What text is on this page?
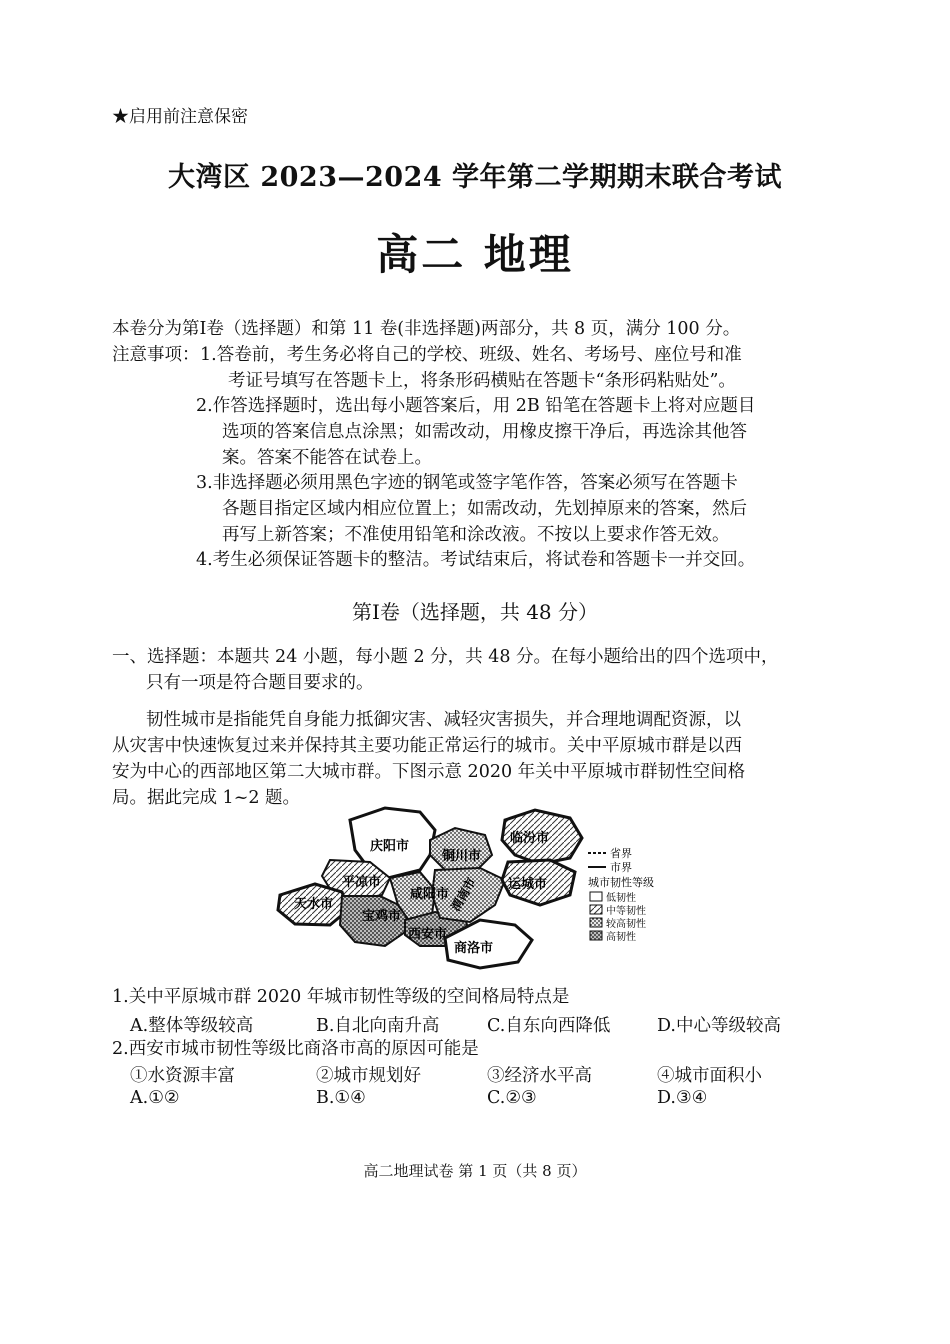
★启用前注意保密
大湾区 2023—2024 学年第二学期期末联合考试
高二 地理
本卷分为第Ⅰ卷（选择题）和第 11 卷(非选择题)两部分，共 8 页，满分 100 分。
注意事项： 1.答卷前，考生务必将自己的学校、班级、姓名、考场号、座位号和准
考证号填写在答题卡上，将条形码横贴在答题卡“条形码粘贴处”。
2.作答选择题时，选出每小题答案后，用 2B 铅笔在答题卡上将对应题目
选项的答案信息点涂黑；如需改动，用橡皮擦干净后，再选涂其他答
案。答案不能答在试卷上。
3.非选择题必须用黑色字迹的钢笔或签字笔作答，答案必须写在答题卡
各题目指定区域内相应位置上；如需改动，先划掉原来的答案，然后
再写上新答案；不准使用铅笔和涂改液。不按以上要求作答无效。
4.考生必须保证答题卡的整洁。考试结束后，将试卷和答题卡一并交回。
第Ⅰ卷（选择题，共 48 分）
一、选择题：本题共 24 小题，每小题 2 分，共 48 分。在每小题给出的四个选项中，
只有一项是符合题目要求的。
韧性城市是指能凭自身能力抵御灾害、减轻灾害损失，并合理地调配资源，以
从灾害中快速恢复过来并保持其主要功能正常运行的城市。关中平原城市群是以西
安为中心的西部地区第二大城市群。下图示意 2020 年关中平原城市群韧性空间格
局。据此完成 1~2 题。
庆阳市
铜川市
临汾市
平凉市
咸阳市 渭南市 运城市
天水市
宝鸡市
西安市
商洛市
省界
市界
城市韧性等级
低韧性
中等韧性
较高韧性
高韧性
1.关中平原城市群 2020 年城市韧性等级的空间格局特点是
A.整体等级较高	B.自北向南升高	C.自东向西降低	D.中心等级较高
2.西安市城市韧性等级比商洛市高的原因可能是
①水资源丰富	②城市规划好	③经济水平高	④城市面积小
A.①②	B.①④	C.②③	D.③④
高二地理试卷 第 1 页（共 8 页）
